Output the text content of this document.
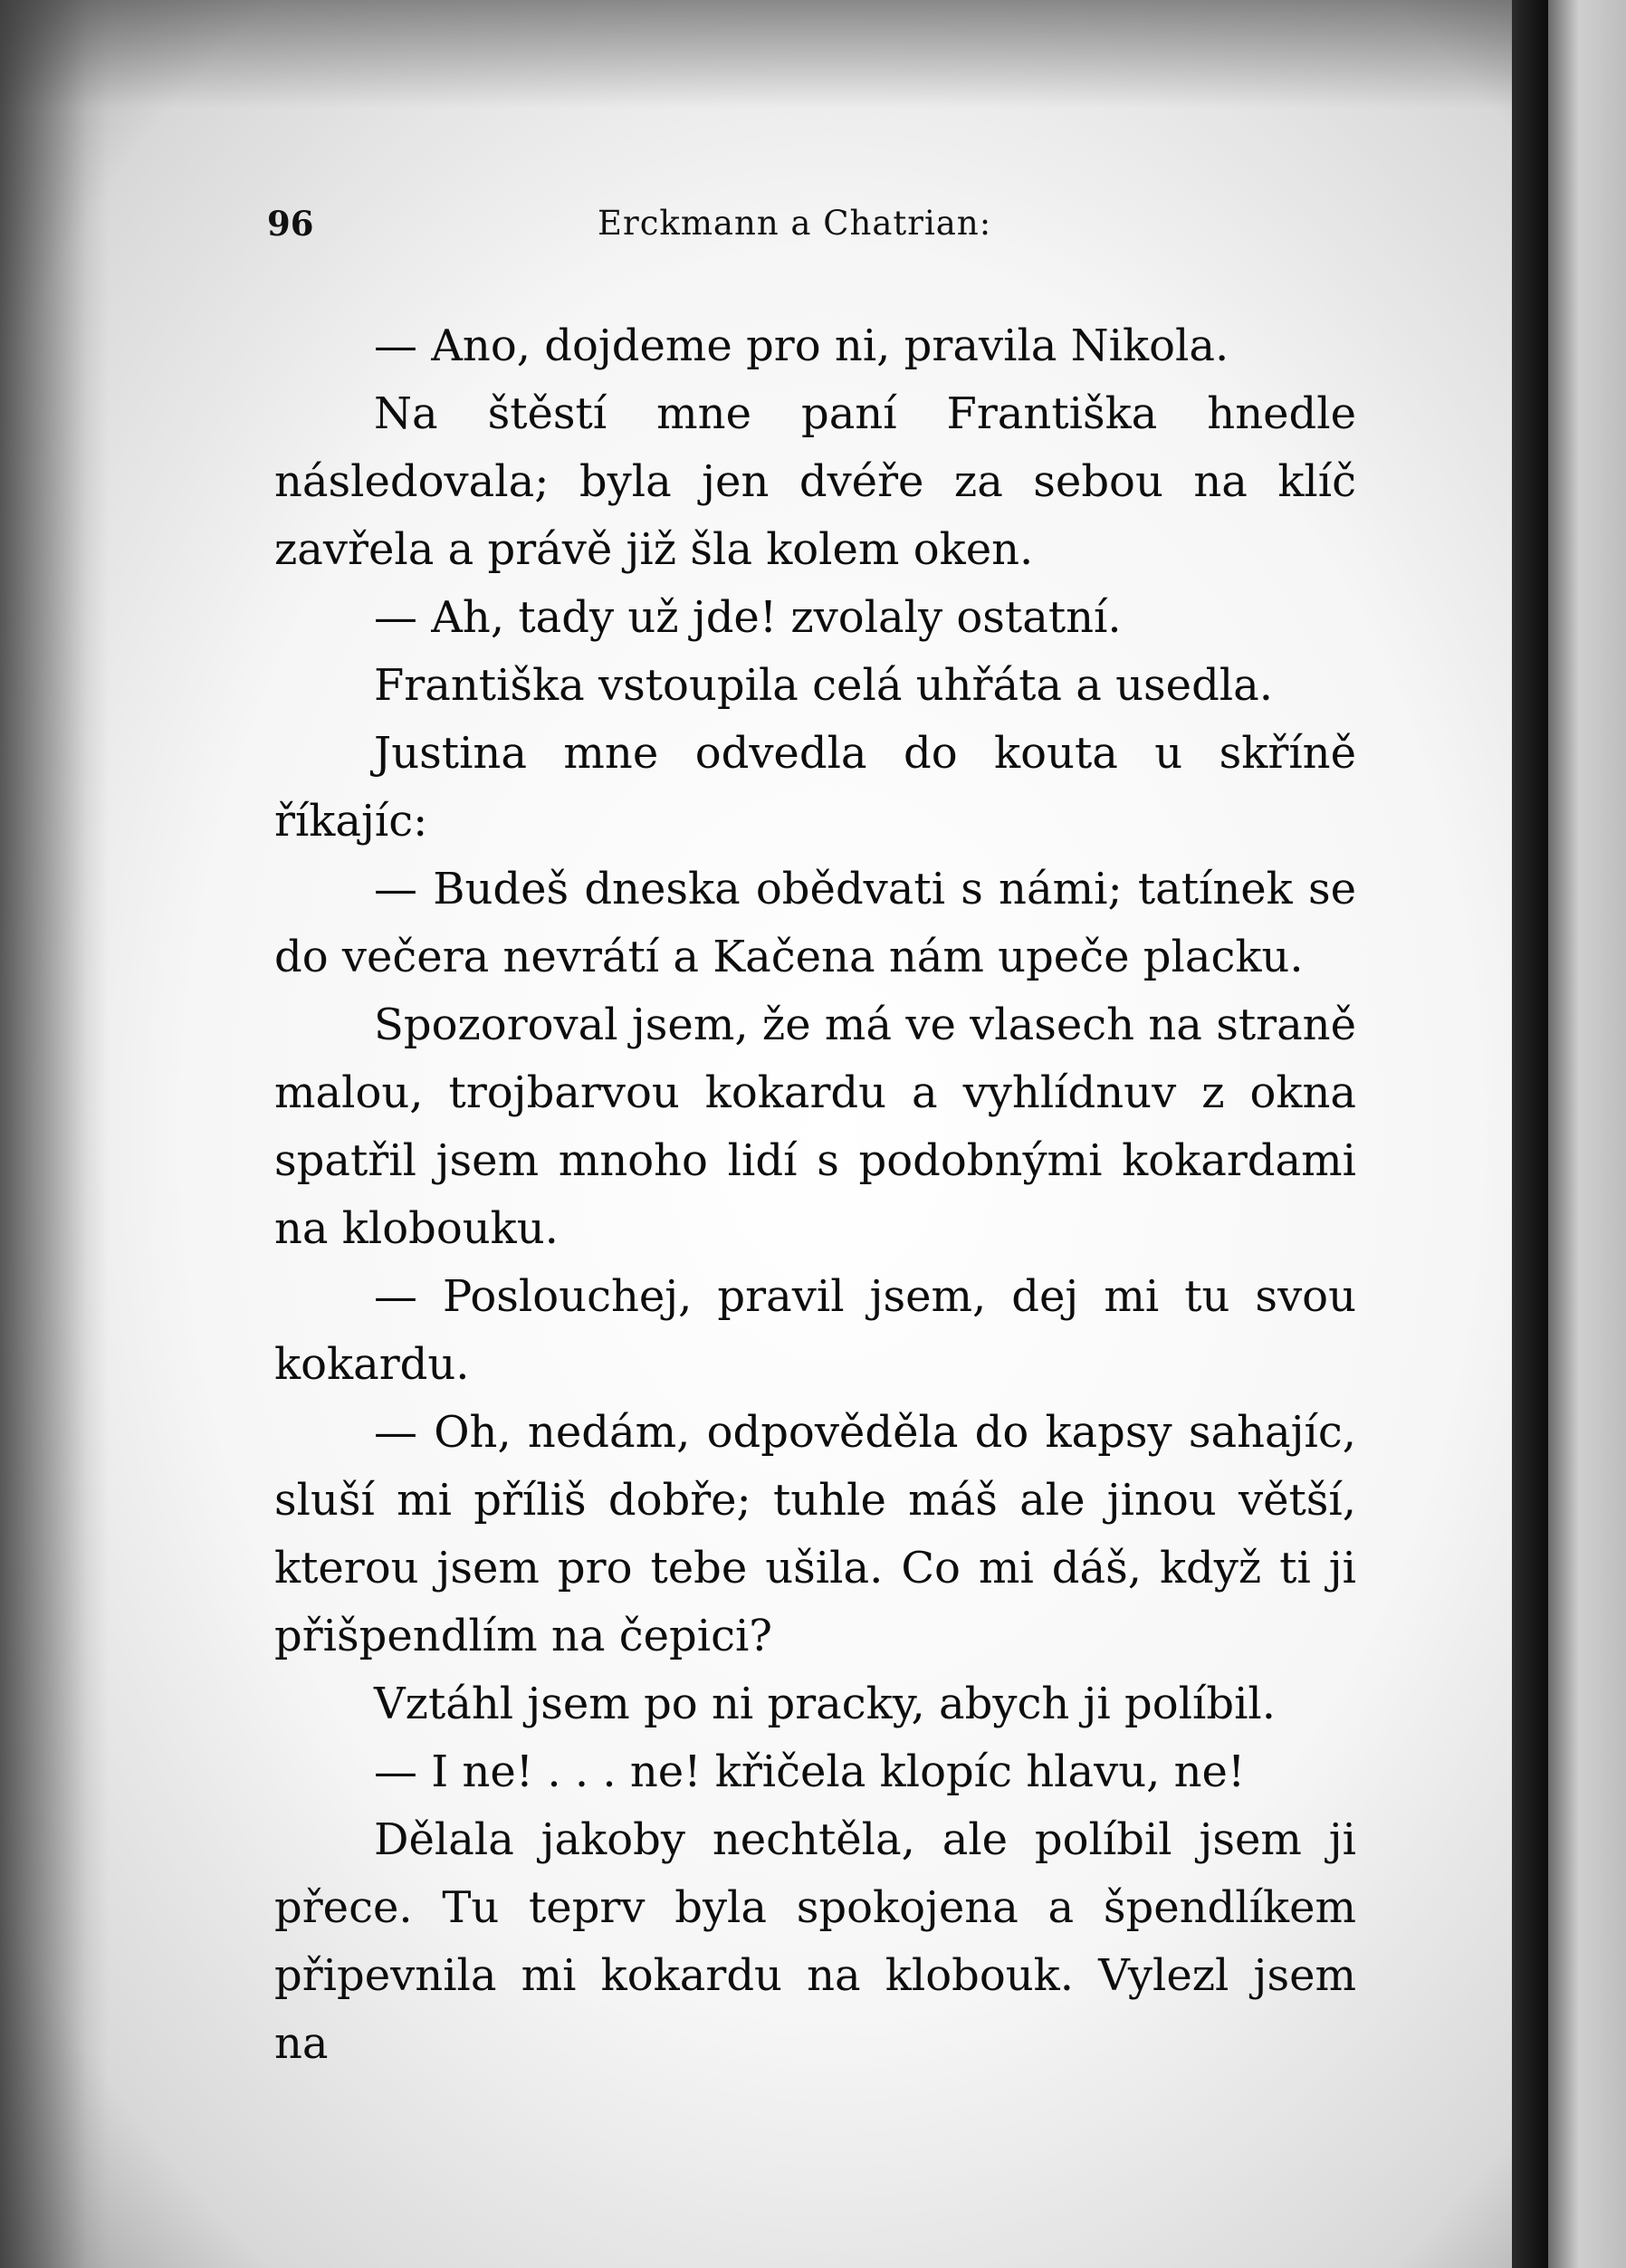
96	Erckmann a Chatrian:

— Ano, dojdeme pro ni, pravila Nikola.

Na štěstí mne paní Františka hnedle následovala; byla jen dvéře za sebou na klíč zavřela a právě již šla kolem oken.

— Ah, tady už jde! zvolaly ostatní.

Františka vstoupila celá uhřáta a usedla.

Justina mne odvedla do kouta u skříně říkajíc:

— Budeš dneska obědvati s námi; tatínek se do večera nevrátí a Kačena nám upeče placku.

Spozoroval jsem, že má ve vlasech na straně malou, trojbarvou kokardu a vyhlídnuv z okna spatřil jsem mnoho lidí s podobnými kokardami na klobouku.

— Poslouchej, pravil jsem, dej mi tu svou kokardu.

— Oh, nedám, odpověděla do kapsy sahajíc, sluší mi příliš dobře; tuhle máš ale jinou větší, kterou jsem pro tebe ušila. Co mi dáš, když ti ji přišpendlím na čepici?

Vztáhl jsem po ni pracky, abych ji políbil.

— I ne! . . . ne! křičela klopíc hlavu, ne!

Dělala jakoby nechtěla, ale políbil jsem ji přece. Tu teprv byla spokojena a špendlíkem připevnila mi kokardu na klobouk. Vylezl jsem na
